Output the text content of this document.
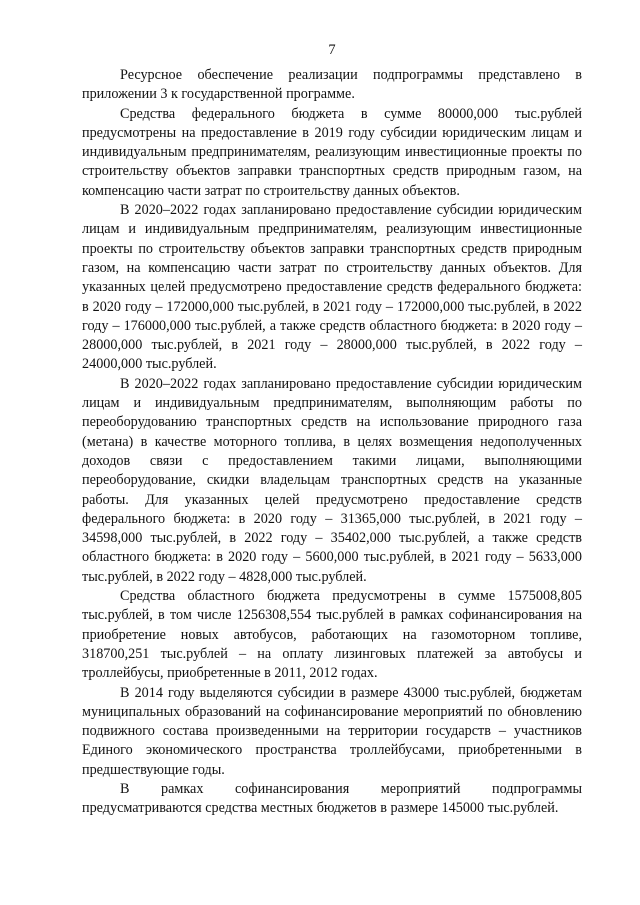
7

Ресурсное обеспечение реализации подпрограммы представлено в приложении 3 к государственной программе.

Средства федерального бюджета в сумме 80000,000 тыс.рублей предусмотрены на предоставление в 2019 году субсидии юридическим лицам и индивидуальным предпринимателям, реализующим инвестиционные проекты по строительству объектов заправки транспортных средств природным газом, на компенсацию части затрат по строительству данных объектов.

В 2020–2022 годах запланировано предоставление субсидии юридическим лицам и индивидуальным предпринимателям, реализующим инвестиционные проекты по строительству объектов заправки транспортных средств природным газом, на компенсацию части затрат по строительству данных объектов. Для указанных целей предусмотрено предоставление средств федерального бюджета: в 2020 году – 172000,000 тыс.рублей, в 2021 году – 172000,000 тыс.рублей, в 2022 году – 176000,000 тыс.рублей, а также средств областного бюджета: в 2020 году – 28000,000 тыс.рублей, в 2021 году – 28000,000 тыс.рублей, в 2022 году – 24000,000 тыс.рублей.

В 2020–2022 годах запланировано предоставление субсидии юридическим лицам и индивидуальным предпринимателям, выполняющим работы по переоборудованию транспортных средств на использование природного газа (метана) в качестве моторного топлива, в целях возмещения недополученных доходов связи с предоставлением такими лицами, выполняющими переоборудование, скидки владельцам транспортных средств на указанные работы. Для указанных целей предусмотрено предоставление средств федерального бюджета: в 2020 году – 31365,000 тыс.рублей, в 2021 году – 34598,000 тыс.рублей, в 2022 году – 35402,000 тыс.рублей, а также средств областного бюджета: в 2020 году – 5600,000 тыс.рублей, в 2021 году – 5633,000 тыс.рублей, в 2022 году – 4828,000 тыс.рублей.

Средства областного бюджета предусмотрены в сумме 1575008,805 тыс.рублей, в том числе 1256308,554 тыс.рублей в рамках софинансирования на приобретение новых автобусов, работающих на газомоторном топливе, 318700,251 тыс.рублей – на оплату лизинговых платежей за автобусы и троллейбусы, приобретенные в 2011, 2012 годах.

В 2014 году выделяются субсидии в размере 43000 тыс.рублей, бюджетам муниципальных образований на софинансирование мероприятий по обновлению подвижного состава произведенными на территории государств – участников Единого экономического пространства троллейбусами, приобретенными в предшествующие годы.

В рамках софинансирования мероприятий подпрограммы предусматриваются средства местных бюджетов в размере 145000 тыс.рублей.
